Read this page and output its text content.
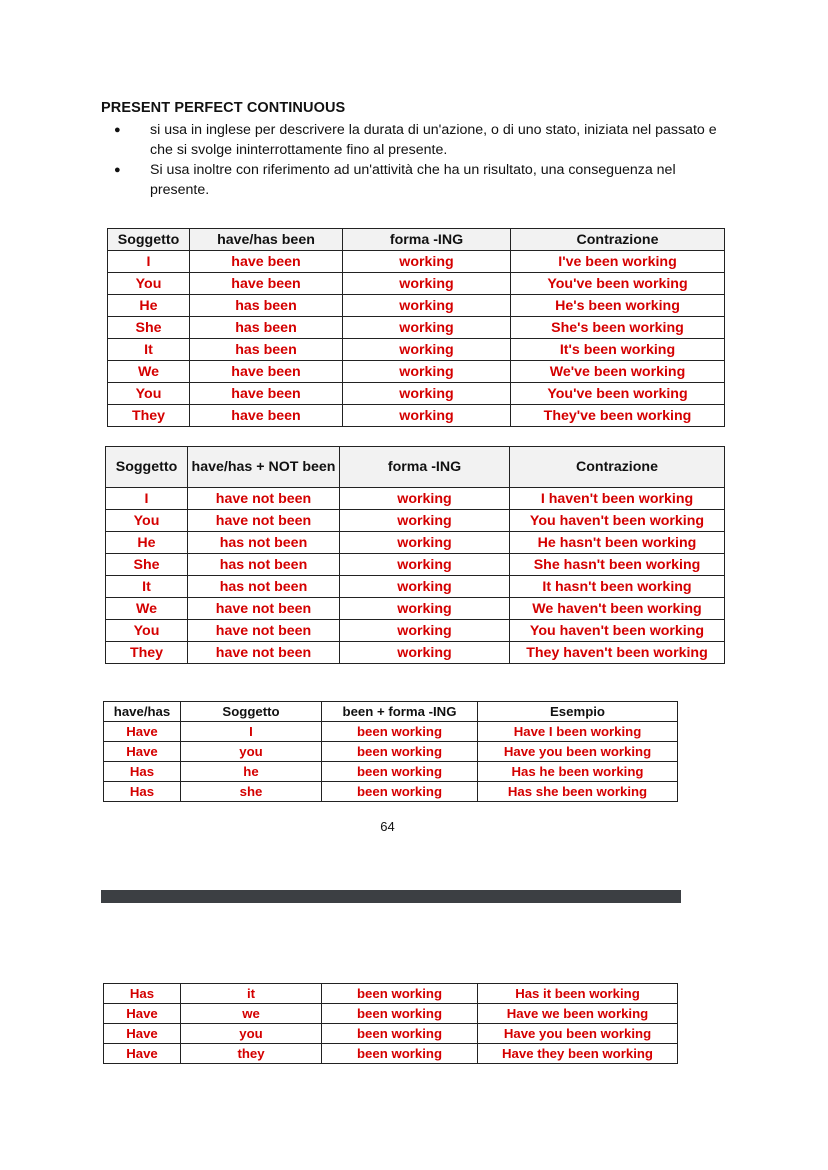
PRESENT PERFECT CONTINUOUS
● si usa in inglese per descrivere la durata di un'azione, o di uno stato, iniziata nel passato e che si svolge ininterrottamente fino al presente.
● Si usa inoltre con riferimento ad un'attività che ha un risultato, una conseguenza nel presente.
Soggetto	have/has been	forma -ING	Contrazione
I	have been	working	I've been working
You	have been	working	You've been working
He	has been	working	He's been working
She	has been	working	She's been working
It	has been	working	It's been working
We	have been	working	We've been working
You	have been	working	You've been working
They	have been	working	They've been working
Soggetto	have/has + NOT been	forma -ING	Contrazione
I	have not been	working	I haven't been working
You	have not been	working	You haven't been working
He	has not been	working	He hasn't been working
She	has not been	working	She hasn't been working
It	has not been	working	It hasn't been working
We	have not been	working	We haven't been working
You	have not been	working	You haven't been working
They	have not been	working	They haven't been working
have/has	Soggetto	been + forma -ING	Esempio
Have	I	been working	Have I been working
Have	you	been working	Have you been working
Has	he	been working	Has he been working
Has	she	been working	Has she been working
64
Has	it	been working	Has it been working
Have	we	been working	Have we been working
Have	you	been working	Have you been working
Have	they	been working	Have they been working
